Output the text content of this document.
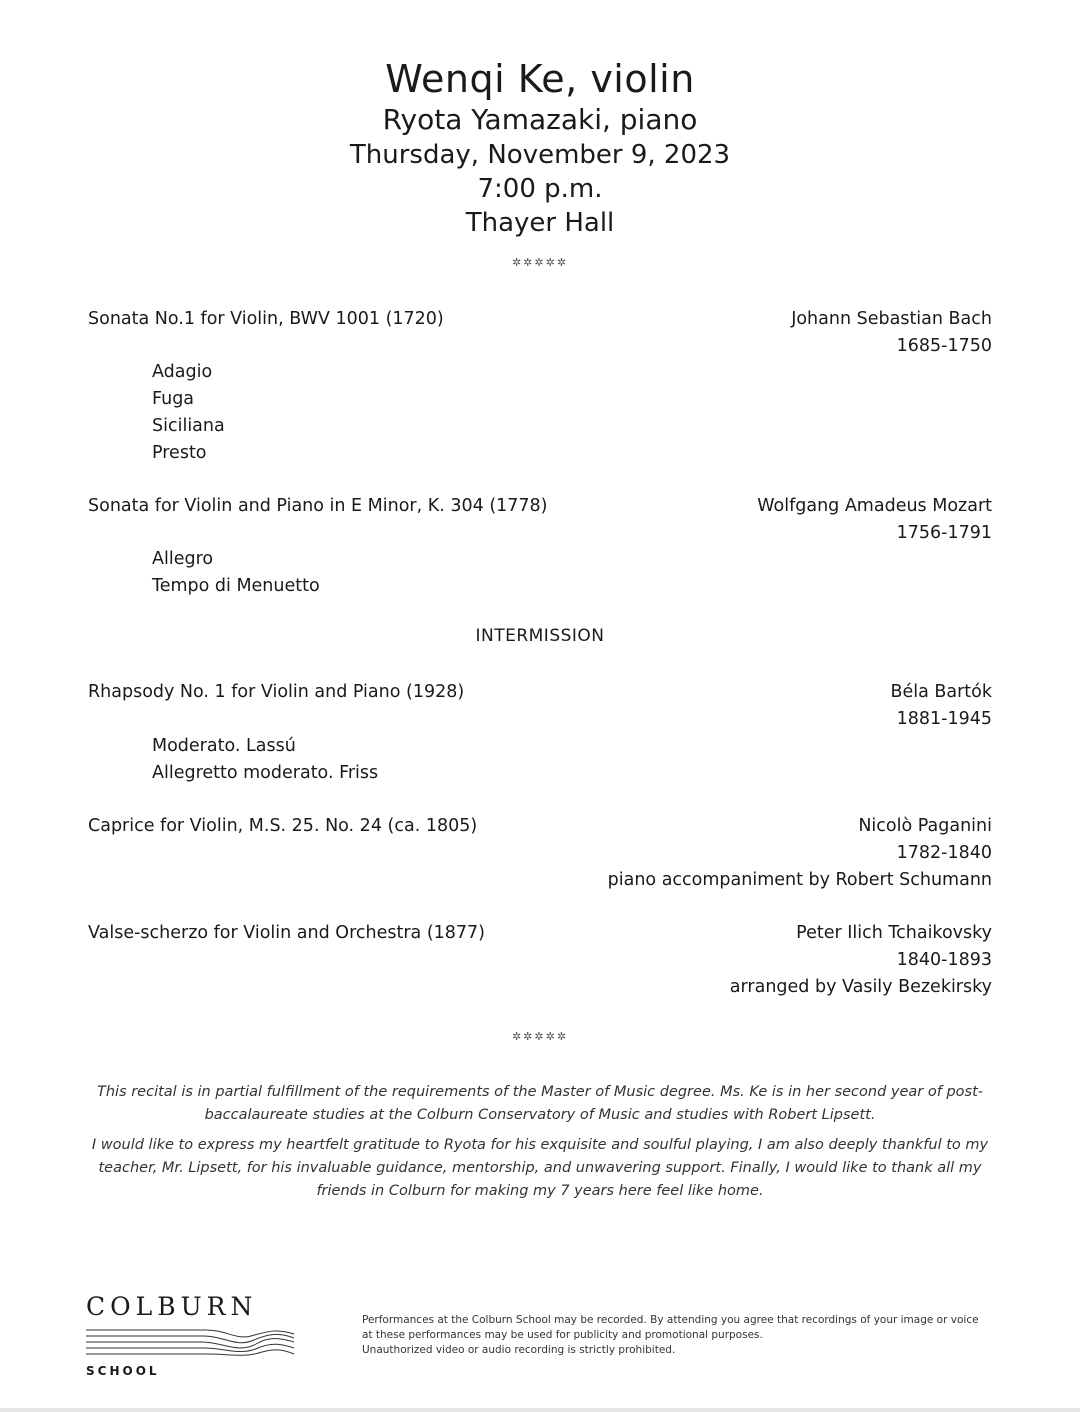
Wenqi Ke, violin
Ryota Yamazaki, piano
Thursday, November 9, 2023
7:00 p.m.
Thayer Hall
✲✲✲✲✲
Sonata No.1 for Violin, BWV 1001 (1720)	Johann Sebastian Bach
1685-1750
Adagio
Fuga
Siciliana
Presto
Sonata for Violin and Piano in E Minor, K. 304 (1778)	Wolfgang Amadeus Mozart
1756-1791
Allegro
Tempo di Menuetto
INTERMISSION
Rhapsody No. 1 for Violin and Piano (1928)	Béla Bartók
1881-1945
Moderato. Lassú
Allegretto moderato. Friss
Caprice for Violin, M.S. 25. No. 24 (ca. 1805)	Nicolò Paganini
1782-1840
piano accompaniment by Robert Schumann
Valse-scherzo for Violin and Orchestra (1877)	Peter Ilich Tchaikovsky
1840-1893
arranged by Vasily Bezekirsky
✲✲✲✲✲
This recital is in partial fulfillment of the requirements of the Master of Music degree. Ms. Ke is in her second year of post-
baccalaureate studies at the Colburn Conservatory of Music and studies with Robert Lipsett.
I would like to express my heartfelt gratitude to Ryota for his exquisite and soulful playing, I am also deeply thankful to my
teacher, Mr. Lipsett, for his invaluable guidance, mentorship, and unwavering support. Finally, I would like to thank all my
friends in Colburn for making my 7 years here feel like home.
COLBURN
SCHOOL
Performances at the Colburn School may be recorded. By attending you agree that recordings of your image or voice
at these performances may be used for publicity and promotional purposes.
Unauthorized video or audio recording is strictly prohibited.
